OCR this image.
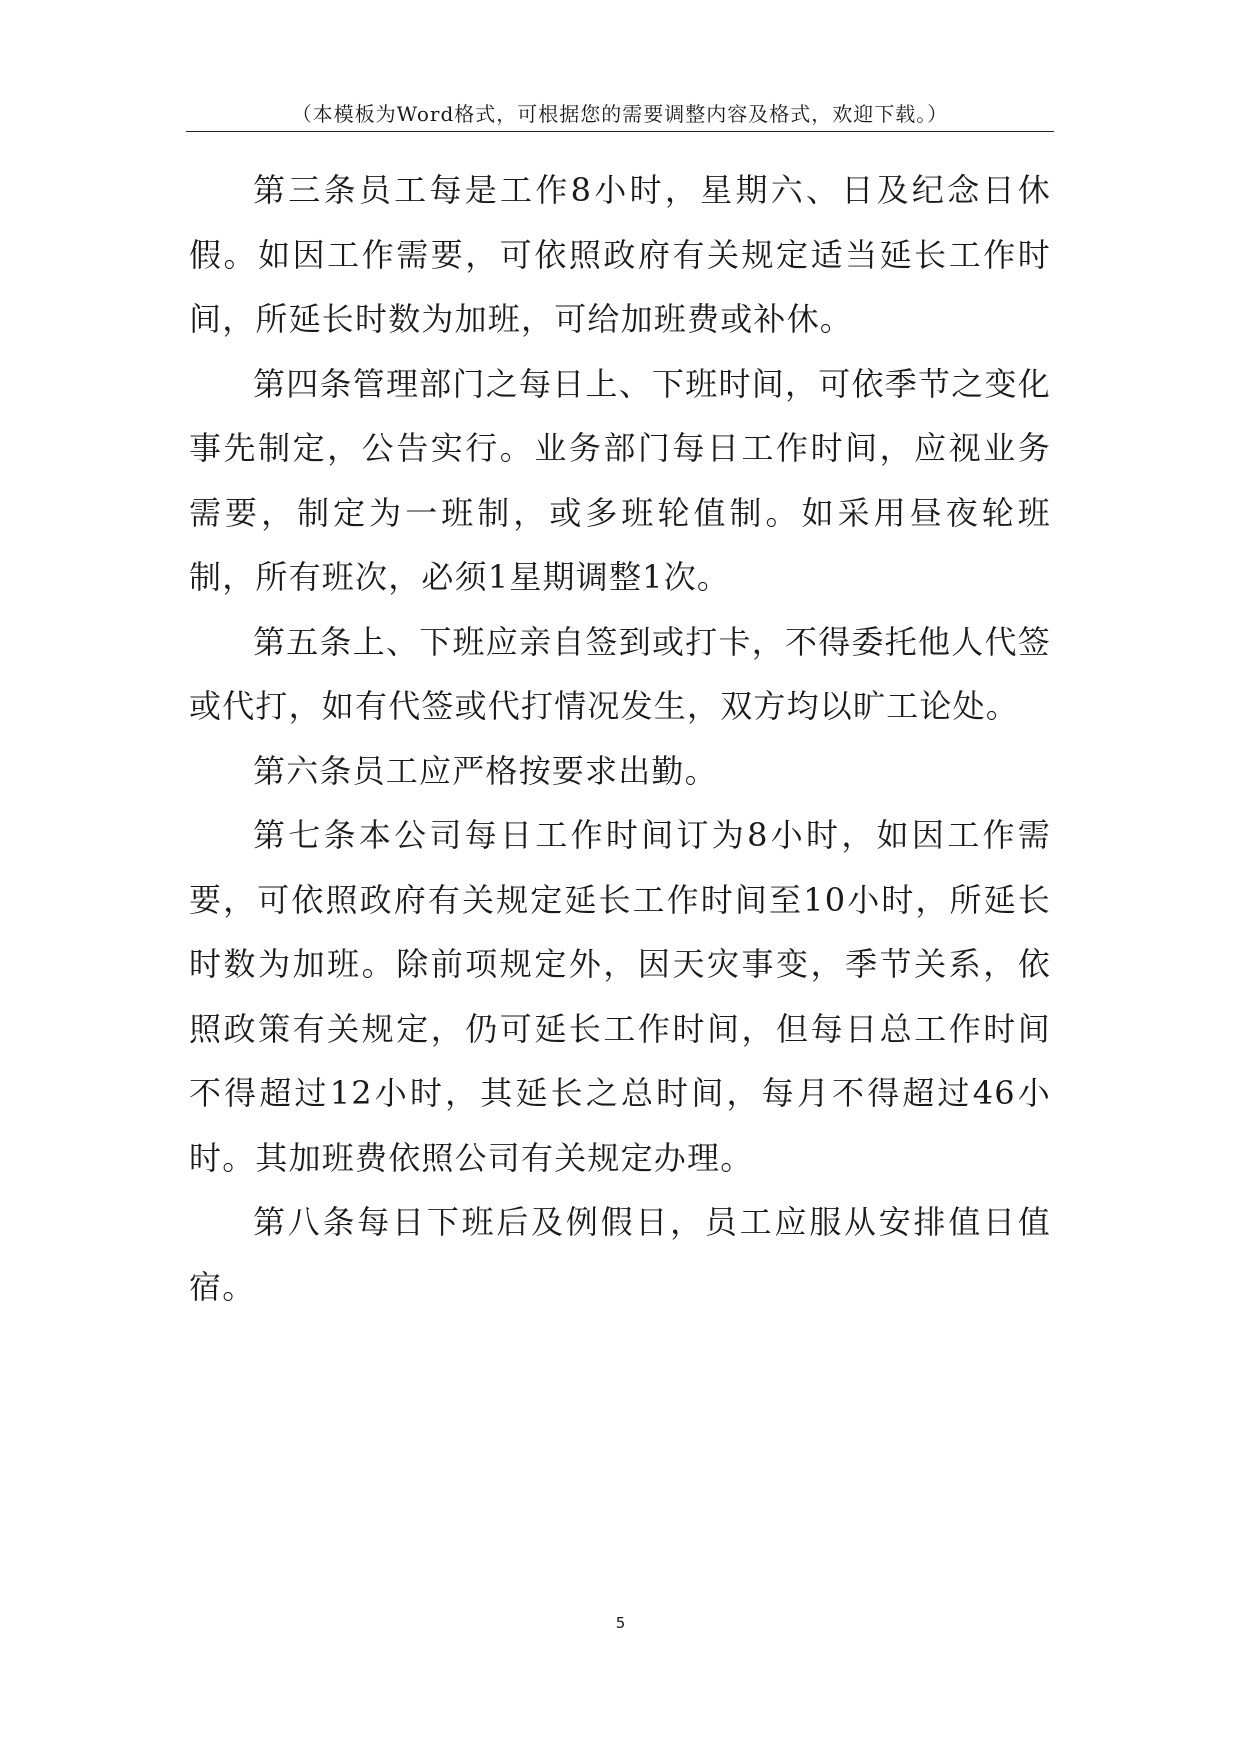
（本模板为Word格式，可根据您的需要调整内容及格式，欢迎下载。）

第三条员工每是工作8小时，星期六、日及纪念日休假。如因工作需要，可依照政府有关规定适当延长工作时间，所延长时数为加班，可给加班费或补休。

第四条管理部门之每日上、下班时间，可依季节之变化事先制定，公告实行。业务部门每日工作时间，应视业务需要，制定为一班制，或多班轮值制。如采用昼夜轮班制，所有班次，必须1星期调整1次。

第五条上、下班应亲自签到或打卡，不得委托他人代签或代打，如有代签或代打情况发生，双方均以旷工论处。

第六条员工应严格按要求出勤。

第七条本公司每日工作时间订为8小时，如因工作需要，可依照政府有关规定延长工作时间至10小时，所延长时数为加班。除前项规定外，因天灾事变，季节关系，依照政策有关规定，仍可延长工作时间，但每日总工作时间不得超过12小时，其延长之总时间，每月不得超过46小时。其加班费依照公司有关规定办理。

第八条每日下班后及例假日，员工应服从安排值日值宿。

5
